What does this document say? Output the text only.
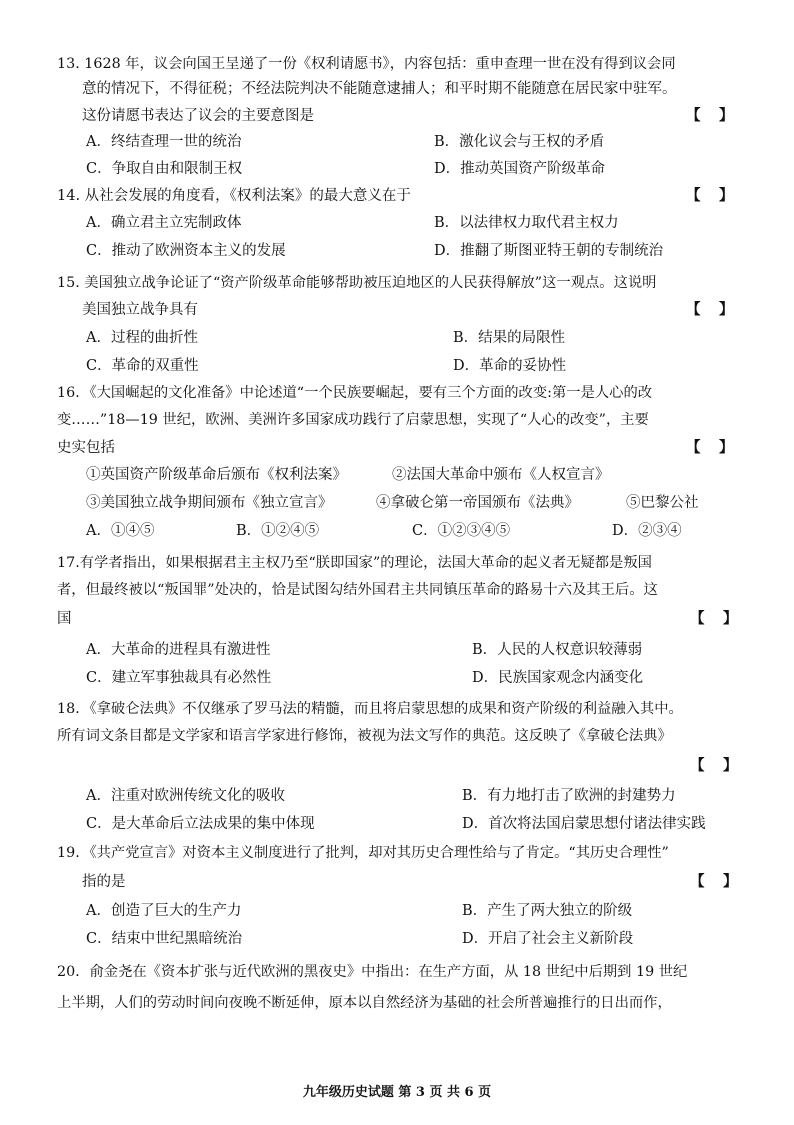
13. 1628 年，议会向国王呈递了一份《权利请愿书》，内容包括：重申查理一世在没有得到议会同
意的情况下，不得征税；不经法院判决不能随意逮捕人；和平时期不能随意在居民家中驻军。
这份请愿书表达了议会的主要意图是	【　】
A．终结查理一世的统治	B．激化议会与王权的矛盾
C．争取自由和限制王权	D．推动英国资产阶级革命
14. 从社会发展的角度看，《权利法案》的最大意义在于	【　】
A．确立君主立宪制政体	B．以法律权力取代君主权力
C．推动了欧洲资本主义的发展	D．推翻了斯图亚特王朝的专制统治
15. 美国独立战争论证了“资产阶级革命能够帮助被压迫地区的人民获得解放”这一观点。这说明
美国独立战争具有	【　】
A．过程的曲折性	B．结果的局限性
C．革命的双重性	D．革命的妥协性
16．《大国崛起的文化准备》中论述道“一个民族要崛起，要有三个方面的改变:第一是人心的改
变……”18—19 世纪，欧洲、美洲许多国家成功践行了启蒙思想，实现了“人心的改变”，主要
史实包括	【　】
①英国资产阶级革命后颁布《权利法案》	②法国大革命中颁布《人权宣言》
③美国独立战争期间颁布《独立宣言》	④拿破仑第一帝国颁布《法典》	⑤巴黎公社
A．①④⑤	B．①②④⑤	C．①②③④⑤	D．②③④
17.有学者指出，如果根据君主主权乃至“朕即国家”的理论，法国大革命的起义者无疑都是叛国
者，但最终被以“叛国罪”处决的，恰是试图勾结外国君主共同镇压革命的路易十六及其王后。这
国	【　】
A．大革命的进程具有激进性	B．人民的人权意识较薄弱
C．建立军事独裁具有必然性	D．民族国家观念内涵变化
18．《拿破仑法典》不仅继承了罗马法的精髓，而且将启蒙思想的成果和资产阶级的利益融入其中。
所有词文条目都是文学家和语言学家进行修饰，被视为法文写作的典范。这反映了《拿破仑法典》
【　】
A．注重对欧洲传统文化的吸收	B．有力地打击了欧洲的封建势力
C．是大革命后立法成果的集中体现	D．首次将法国启蒙思想付诸法律实践
19．《共产党宣言》对资本主义制度进行了批判，却对其历史合理性给与了肯定。“其历史合理性”
指的是	【　】
A．创造了巨大的生产力	B．产生了两大独立的阶级
C．结束中世纪黑暗统治	D．开启了社会主义新阶段
20．俞金尧在《资本扩张与近代欧洲的黑夜史》中指出：在生产方面，从 18 世纪中后期到 19 世纪
上半期，人们的劳动时间向夜晚不断延伸，原本以自然经济为基础的社会所普遍推行的日出而作，
九年级历史试题 第 3 页 共 6 页
